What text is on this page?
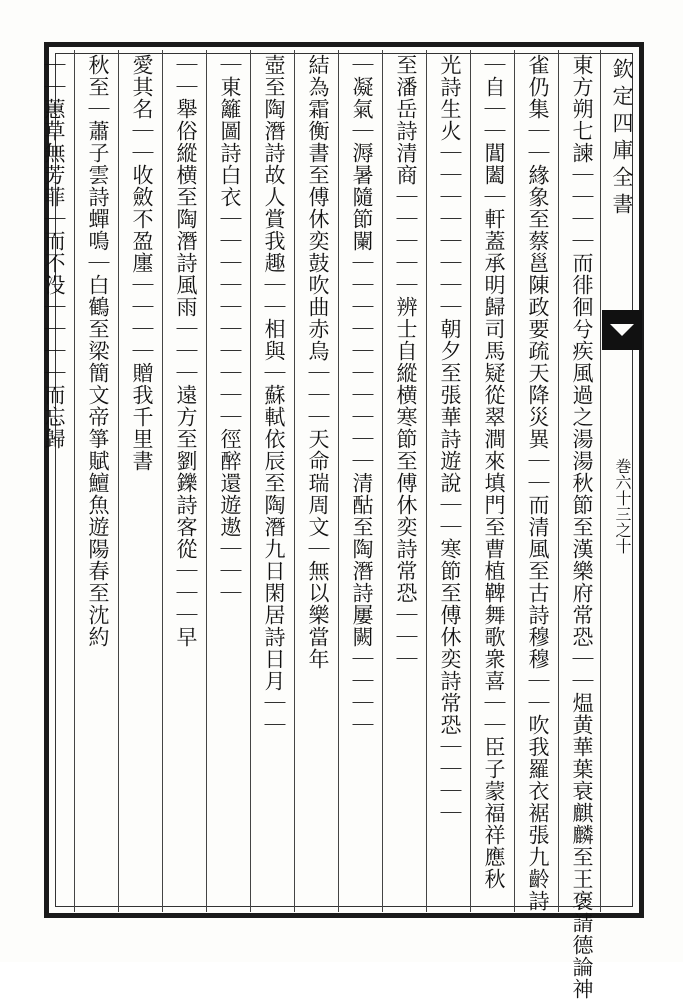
欽定四庫全書
巻六十三之十
東方朔七諫｜｜｜｜而徘徊兮疾風過之湯湯秋節至漢樂府常恐｜｜煴黄華葉衰麒麟至王褒請德論神
雀仍集｜｜緣象至蔡邕陳政要疏天降災異｜｜而清風至古詩穆穆｜｜吹我羅衣裾張九齡詩
｜自｜｜閶闔｜軒蓋承明歸司馬疑從翠澗來填門至曹植鞞舞歌衆喜｜｜臣子蒙福祥應秋
光詩生火｜｜｜｜｜｜｜｜朝夕至張華詩遊說｜｜寒節至傅休奕詩常恐｜｜｜｜
至潘岳詩清商｜｜｜｜｜辨士自縱横寒節至傅休奕詩常恐｜｜｜
｜凝氣｜溽暑隨節闌｜｜｜｜｜｜｜｜｜｜清酤至陶潛詩屢闕｜｜｜｜
結為霜衡書至傅休奕鼓吹曲赤烏｜｜｜天命瑞周文｜無以樂當年
壺至陶潛詩故人賞我趣｜｜相與｜蘇軾依辰至陶潛九日閑居詩日月｜｜
｜東籬圖詩白衣｜｜｜｜｜｜｜｜｜｜徑醉還遊遨｜｜｜
｜｜舉俗縱横至陶潛詩風雨｜｜｜遠方至劉鑠詩客從｜｜｜早
愛其名｜｜收斂不盈廛｜｜｜｜贈我千里書
秋至｜蕭子雲詩蟬鳴｜白鶴至梁簡文帝箏賦鱣魚遊陽春至沈約
｜｜蕙草無芳菲｜而不没｜｜｜｜而忘歸
